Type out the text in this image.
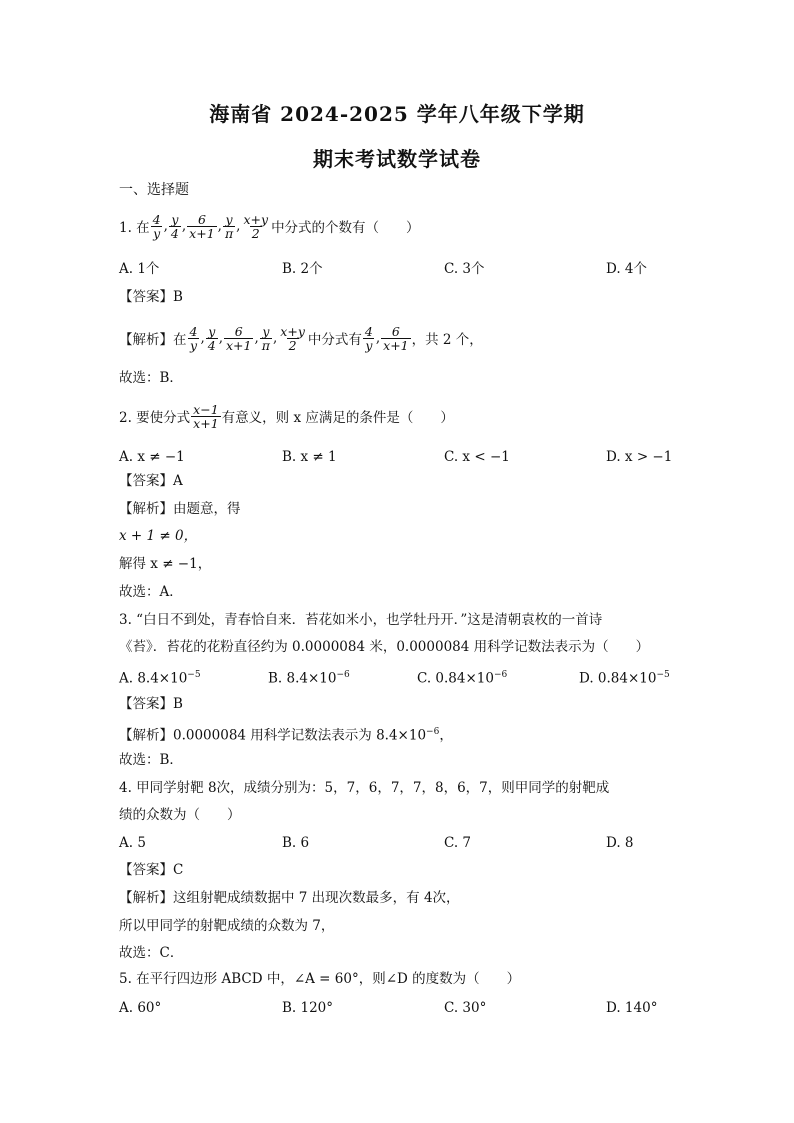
海南省 2024-2025 学年八年级下学期
期末考试数学试卷
一、选择题
1. 在 $\frac{4}{y}$ , $\frac{y}{4}$ , $\frac{6}{x+1}$ , $\frac{y}{\pi}$ , $\frac{x+y}{2}$ 中分式的个数有（　　）
A. 1个	B. 2个	C. 3个	D. 4个
【答案】B
【解析】在 $\frac{4}{y}$ , $\frac{y}{4}$ , $\frac{6}{x+1}$ , $\frac{y}{\pi}$ , $\frac{x+y}{2}$ 中分式有 $\frac{4}{y}$ , $\frac{6}{x+1}$ ，共 2 个，
故选：B．
2. 要使分式 $\frac{x-1}{x+1}$ 有意义，则 x 应满足的条件是（　　）
A. x ≠ −1	B. x ≠ 1	C. x < −1	D. x > −1
【答案】A
【解析】由题意，得
x + 1 ≠ 0，
解得 x ≠ −1，
故选：A．
3. “白日不到处，青春恰自来．苔花如米小，也学牡丹开．”这是清朝袁枚的一首诗
《苔》．苔花的花粉直径约为 0.0000084 米，0.0000084 用科学记数法表示为（　　）
A. $8.4\times 10^{-5}$	B. $8.4\times 10^{-6}$	C. $0.84\times 10^{-6}$	D. $0.84\times 10^{-5}$
【答案】B
【解析】0.0000084 用科学记数法表示为 $8.4\times 10^{-6}$，
故选：B．
4. 甲同学射靶 8次，成绩分别为：5，7，6，7，7，8，6，7，则甲同学的射靶成
绩的众数为（　　）
A. 5	B. 6	C. 7	D. 8
【答案】C
【解析】这组射靶成绩数据中 7 出现次数最多，有 4次，
所以甲同学的射靶成绩的众数为 7，
故选：C．
5. 在平行四边形 ABCD 中，∠A = 60°，则∠D 的度数为（　　）
A. 60°	B. 120°	C. 30°	D. 140°
